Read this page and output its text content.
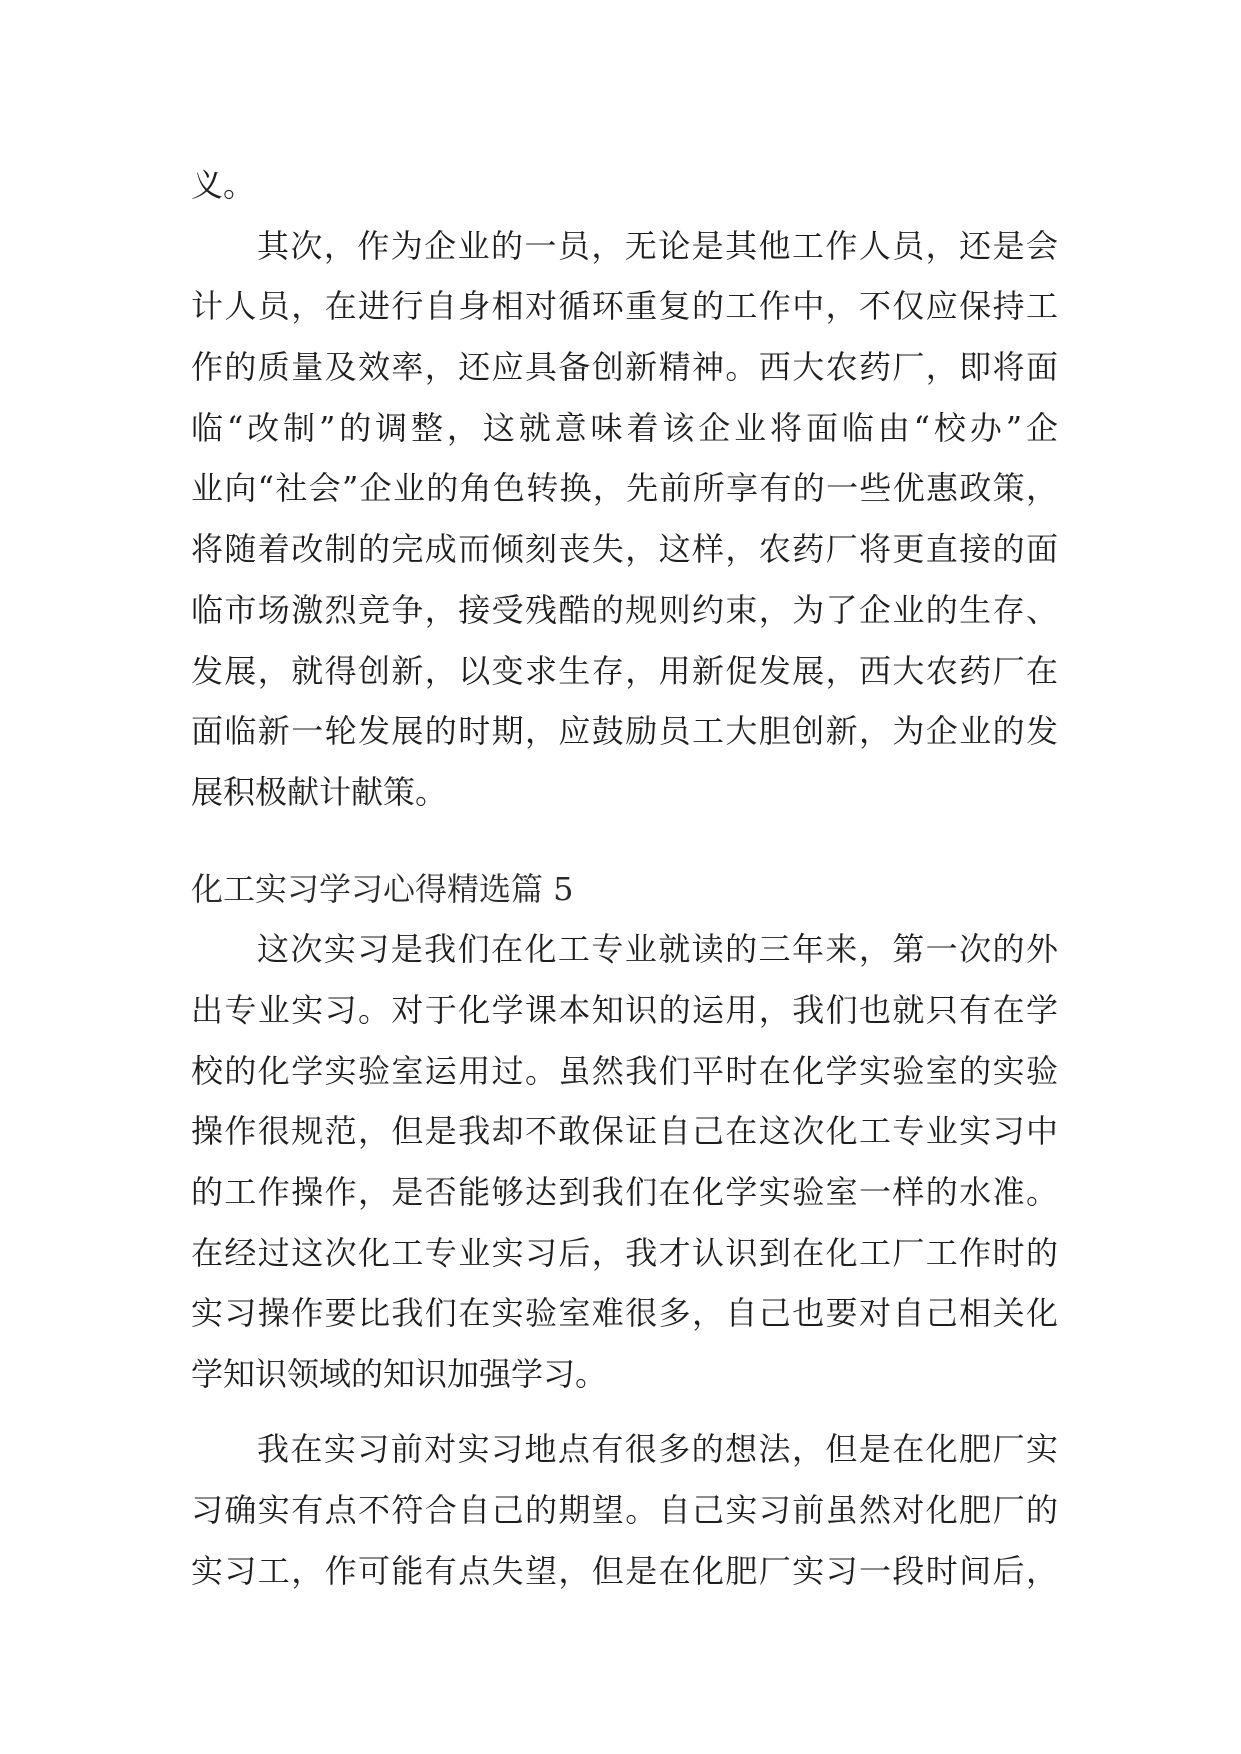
义。
其次，作为企业的一员，无论是其他工作人员，还是会
计人员，在进行自身相对循环重复的工作中，不仅应保持工
作的质量及效率，还应具备创新精神。西大农药厂，即将面
临“改制”的调整，这就意味着该企业将面临由“校办”企
业向“社会”企业的角色转换，先前所享有的一些优惠政策，
将随着改制的完成而倾刻丧失，这样，农药厂将更直接的面
临市场激烈竞争，接受残酷的规则约束，为了企业的生存、
发展，就得创新，以变求生存，用新促发展，西大农药厂在
面临新一轮发展的时期，应鼓励员工大胆创新，为企业的发
展积极献计献策。
化工实习学习心得精选篇 5
这次实习是我们在化工专业就读的三年来，第一次的外
出专业实习。对于化学课本知识的运用，我们也就只有在学
校的化学实验室运用过。虽然我们平时在化学实验室的实验
操作很规范，但是我却不敢保证自己在这次化工专业实习中
的工作操作，是否能够达到我们在化学实验室一样的水准。
在经过这次化工专业实习后，我才认识到在化工厂工作时的
实习操作要比我们在实验室难很多，自己也要对自己相关化
学知识领域的知识加强学习。
我在实习前对实习地点有很多的想法，但是在化肥厂实
习确实有点不符合自己的期望。自己实习前虽然对化肥厂的
实习工，作可能有点失望，但是在化肥厂实习一段时间后，
